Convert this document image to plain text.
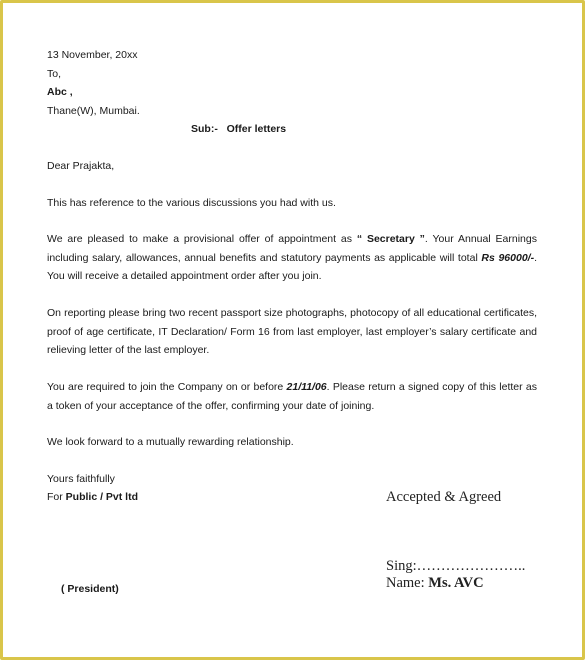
13 November, 20xx
To,
Abc ,
Thane(W), Mumbai.
Sub:- Offer letters
Dear Prajakta,
This has reference to the various discussions you had with us.
We are pleased to make a provisional offer of appointment as “ Secretary ”. Your Annual Earnings including salary, allowances, annual benefits and statutory payments as applicable will total Rs 96000/-. You will receive a detailed appointment order after you join.
On reporting please bring two recent passport size photographs, photocopy of all educational certificates, proof of age certificate, IT Declaration/ Form 16 from last employer, last employer’s salary certificate and relieving letter of the last employer.
You are required to join the Company on or before 21/11/06. Please return a signed copy of this letter as a token of your acceptance of the offer, confirming your date of joining.
We look forward to a mutually rewarding relationship.
Yours faithfully
For Public / Pvt ltd
( President)
Accepted & Agreed
Sing:…………………..
Name: Ms. AVC
